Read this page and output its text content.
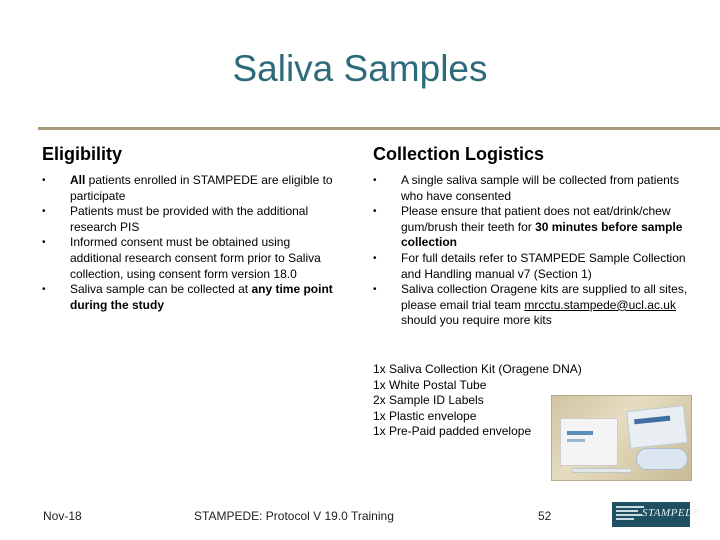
Saliva Samples
Eligibility
• All patients enrolled in STAMPEDE are eligible to participate
• Patients must be provided with the additional research PIS
• Informed consent must be obtained using additional research consent form prior to Saliva collection, using consent form version 18.0
• Saliva sample can be collected at any time point during the study
Collection Logistics
• A single saliva sample will be collected from patients who have consented
• Please ensure that patient does not eat/drink/chew gum/brush their teeth for 30 minutes before sample collection
• For full details refer to STAMPEDE Sample Collection and Handling manual v7 (Section 1)
• Saliva collection Oragene kits are supplied to all sites, please email trial team mrcctu.stampede@ucl.ac.uk should you require more kits
1x Saliva Collection Kit (Oragene DNA)
1x White Postal Tube
2x Sample ID Labels
1x Plastic envelope
1x Pre-Paid padded envelope
Nov-18	STAMPEDE: Protocol V 19.0 Training	52	STAMPEDE
